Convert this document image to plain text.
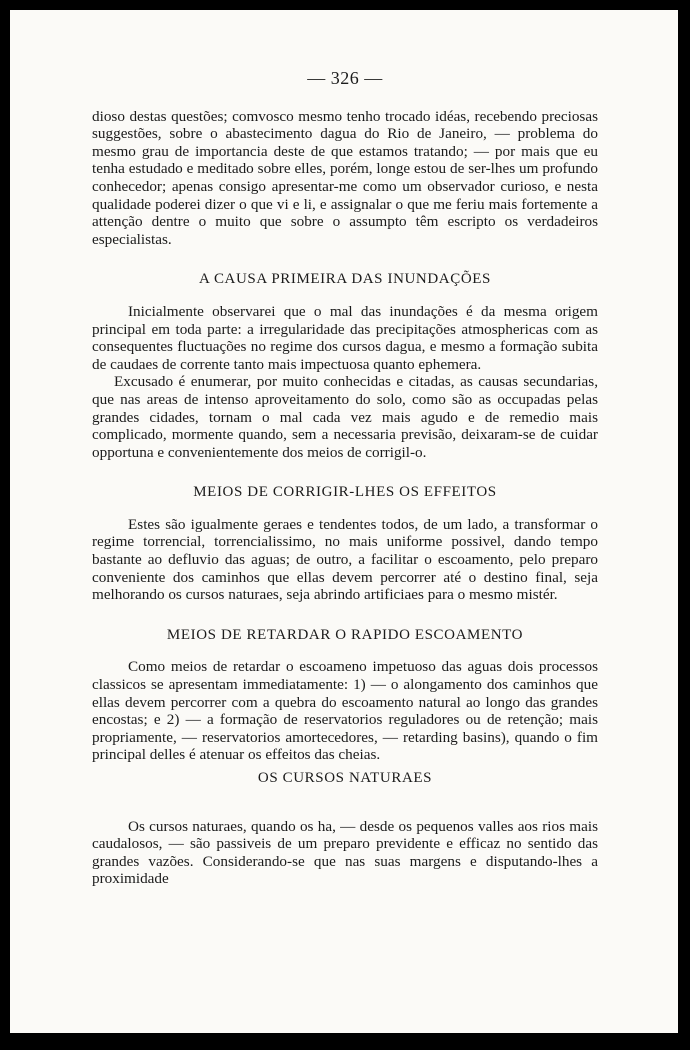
— 326 —

dioso destas questões; comvosco mesmo tenho trocado idéas, recebendo preciosas suggestões, sobre o abastecimento dagua do Rio de Janeiro, — problema do mesmo grau de importancia deste de que estamos tratando; — por mais que eu tenha estudado e meditado sobre elles, porém, longe estou de ser-lhes um profundo conhecedor; apenas consigo apresentar-me como um observador curioso, e nesta qualidade poderei dizer o que vi e li, e assignalar o que me feriu mais fortemente a attenção dentre o muito que sobre o assumpto têm escripto os verdadeiros especialistas.

A CAUSA PRIMEIRA DAS INUNDAÇÕES

Inicialmente observarei que o mal das inundações é da mesma origem principal em toda parte: a irregularidade das precipitações atmosphericas com as consequentes fluctuações no regime dos cursos dagua, e mesmo a formação subita de caudaes de corrente tanto mais impectuosa quanto ephemera.

Excusado é enumerar, por muito conhecidas e citadas, as causas secundarias, que nas areas de intenso aproveitamento do solo, como são as occupadas pelas grandes cidades, tornam o mal cada vez mais agudo e de remedio mais complicado, mormente quando, sem a necessaria previsão, deixaram-se de cuidar opportuna e convenientemente dos meios de corrigil-o.

MEIOS DE CORRIGIR-LHES OS EFFEITOS

Estes são igualmente geraes e tendentes todos, de um lado, a transformar o regime torrencial, torrencialissimo, no mais uniforme possivel, dando tempo bastante ao defluvio das aguas; de outro, a facilitar o escoamento, pelo preparo conveniente dos caminhos que ellas devem percorrer até o destino final, seja melhorando os cursos naturaes, seja abrindo artificiaes para o mesmo mistér.

MEIOS DE RETARDAR O RAPIDO ESCOAMENTO

Como meios de retardar o escoameno impetuoso das aguas dois processos classicos se apresentam immediatamente: 1) — o alongamento dos caminhos que ellas devem percorrer com a quebra do escoamento natural ao longo das grandes encostas; e 2) — a formação de reservatorios reguladores ou de retenção; mais propriamente, — reservatorios amortecedores, — retarding basins), quando o fim principal delles é atenuar os effeitos das cheias.

OS CURSOS NATURAES

Os cursos naturaes, quando os ha, — desde os pequenos valles aos rios mais caudalosos, — são passiveis de um preparo previdente e efficaz no sentido das grandes vazões. Considerando-se que nas suas margens e disputando-lhes a proximidade
